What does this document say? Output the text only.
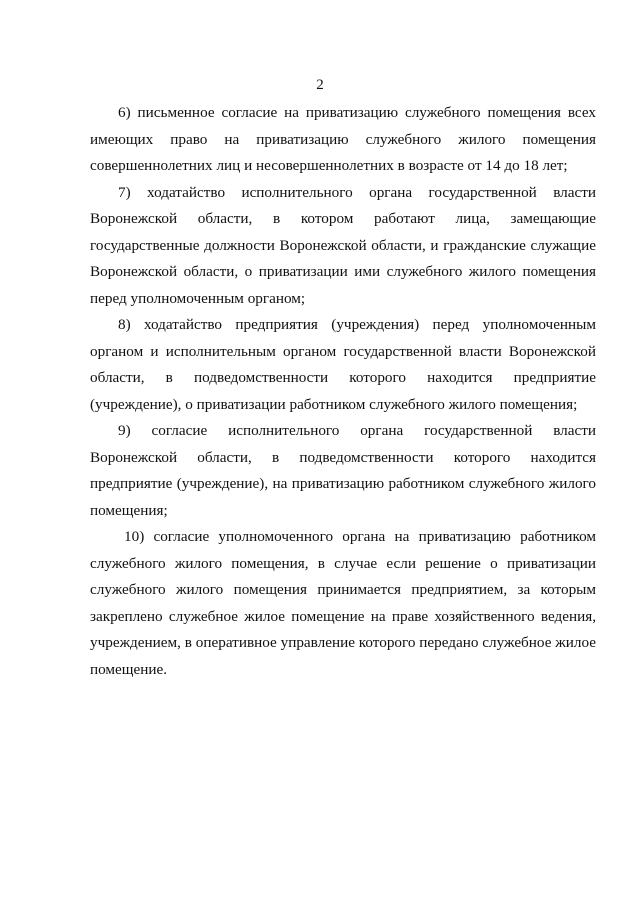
2

6) письменное согласие на приватизацию служебного помещения всех имеющих право на приватизацию служебного жилого помещения совершеннолетних лиц и несовершеннолетних в возрасте от 14 до 18 лет;

7) ходатайство исполнительного органа государственной власти Воронежской области, в котором работают лица, замещающие государственные должности Воронежской области, и гражданские служащие Воронежской области, о приватизации ими служебного жилого помещения перед уполномоченным органом;

8) ходатайство предприятия (учреждения) перед уполномоченным органом и исполнительным органом государственной власти Воронежской области, в подведомственности которого находится предприятие (учреждение), о приватизации работником служебного жилого помещения;

9) согласие исполнительного органа государственной власти Воронежской области, в подведомственности которого находится предприятие (учреждение), на приватизацию работником служебного жилого помещения;

10) согласие уполномоченного органа на приватизацию работником служебного жилого помещения, в случае если решение о приватизации служебного жилого помещения принимается предприятием, за которым закреплено служебное жилое помещение на праве хозяйственного ведения, учреждением, в оперативное управление которого передано служебное жилое помещение.
